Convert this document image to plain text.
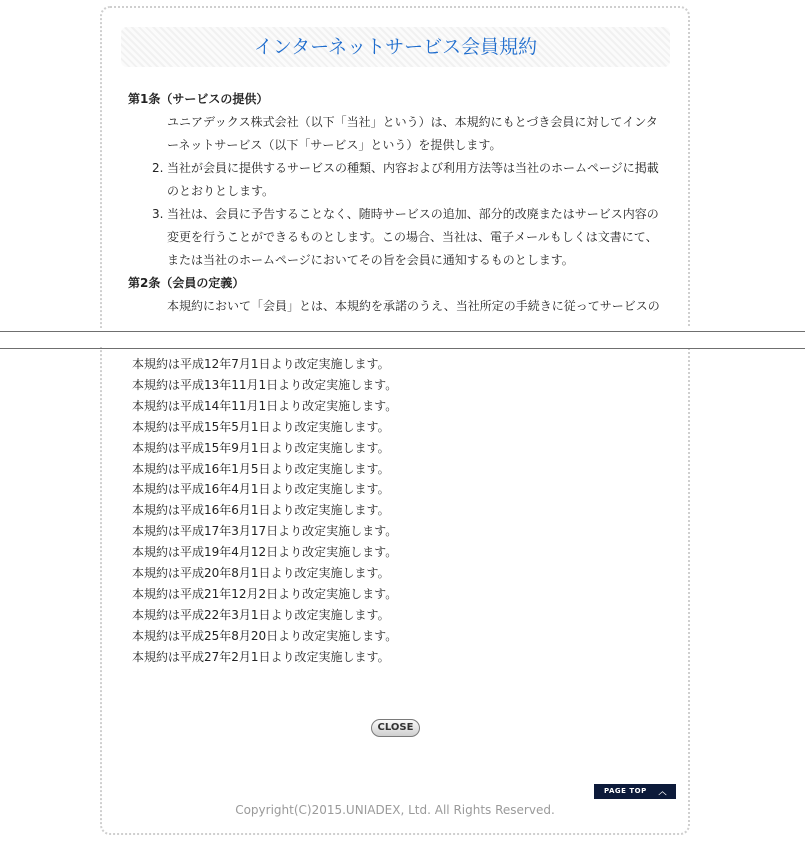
インターネットサービス会員規約
第1条（サービスの提供）
ユニアデックス株式会社（以下「当社」という）は、本規約にもとづき会員に対してインターネットサービス（以下「サービス」という）を提供します。
2. 当社が会員に提供するサービスの種類、内容および利用方法等は当社のホームページに掲載のとおりとします。
3. 当社は、会員に予告することなく、随時サービスの追加、部分的改廃またはサービス内容の変更を行うことができるものとします。この場合、当社は、電子メールもしくは文書にて、または当社のホームページにおいてその旨を会員に通知するものとします。
第2条（会員の定義）
本規約において「会員」とは、本規約を承諾のうえ、当社所定の手続きに従ってサービスの
本規約は平成12年7月1日より改定実施します。
本規約は平成13年11月1日より改定実施します。
本規約は平成14年11月1日より改定実施します。
本規約は平成15年5月1日より改定実施します。
本規約は平成15年9月1日より改定実施します。
本規約は平成16年1月5日より改定実施します。
本規約は平成16年4月1日より改定実施します。
本規約は平成16年6月1日より改定実施します。
本規約は平成17年3月17日より改定実施します。
本規約は平成19年4月12日より改定実施します。
本規約は平成20年8月1日より改定実施します。
本規約は平成21年12月2日より改定実施します。
本規約は平成22年3月1日より改定実施します。
本規約は平成25年8月20日より改定実施します。
本規約は平成27年2月1日より改定実施します。
CLOSE
PAGE TOP ︿
Copyright(C)2015.UNIADEX, Ltd. All Rights Reserved.
